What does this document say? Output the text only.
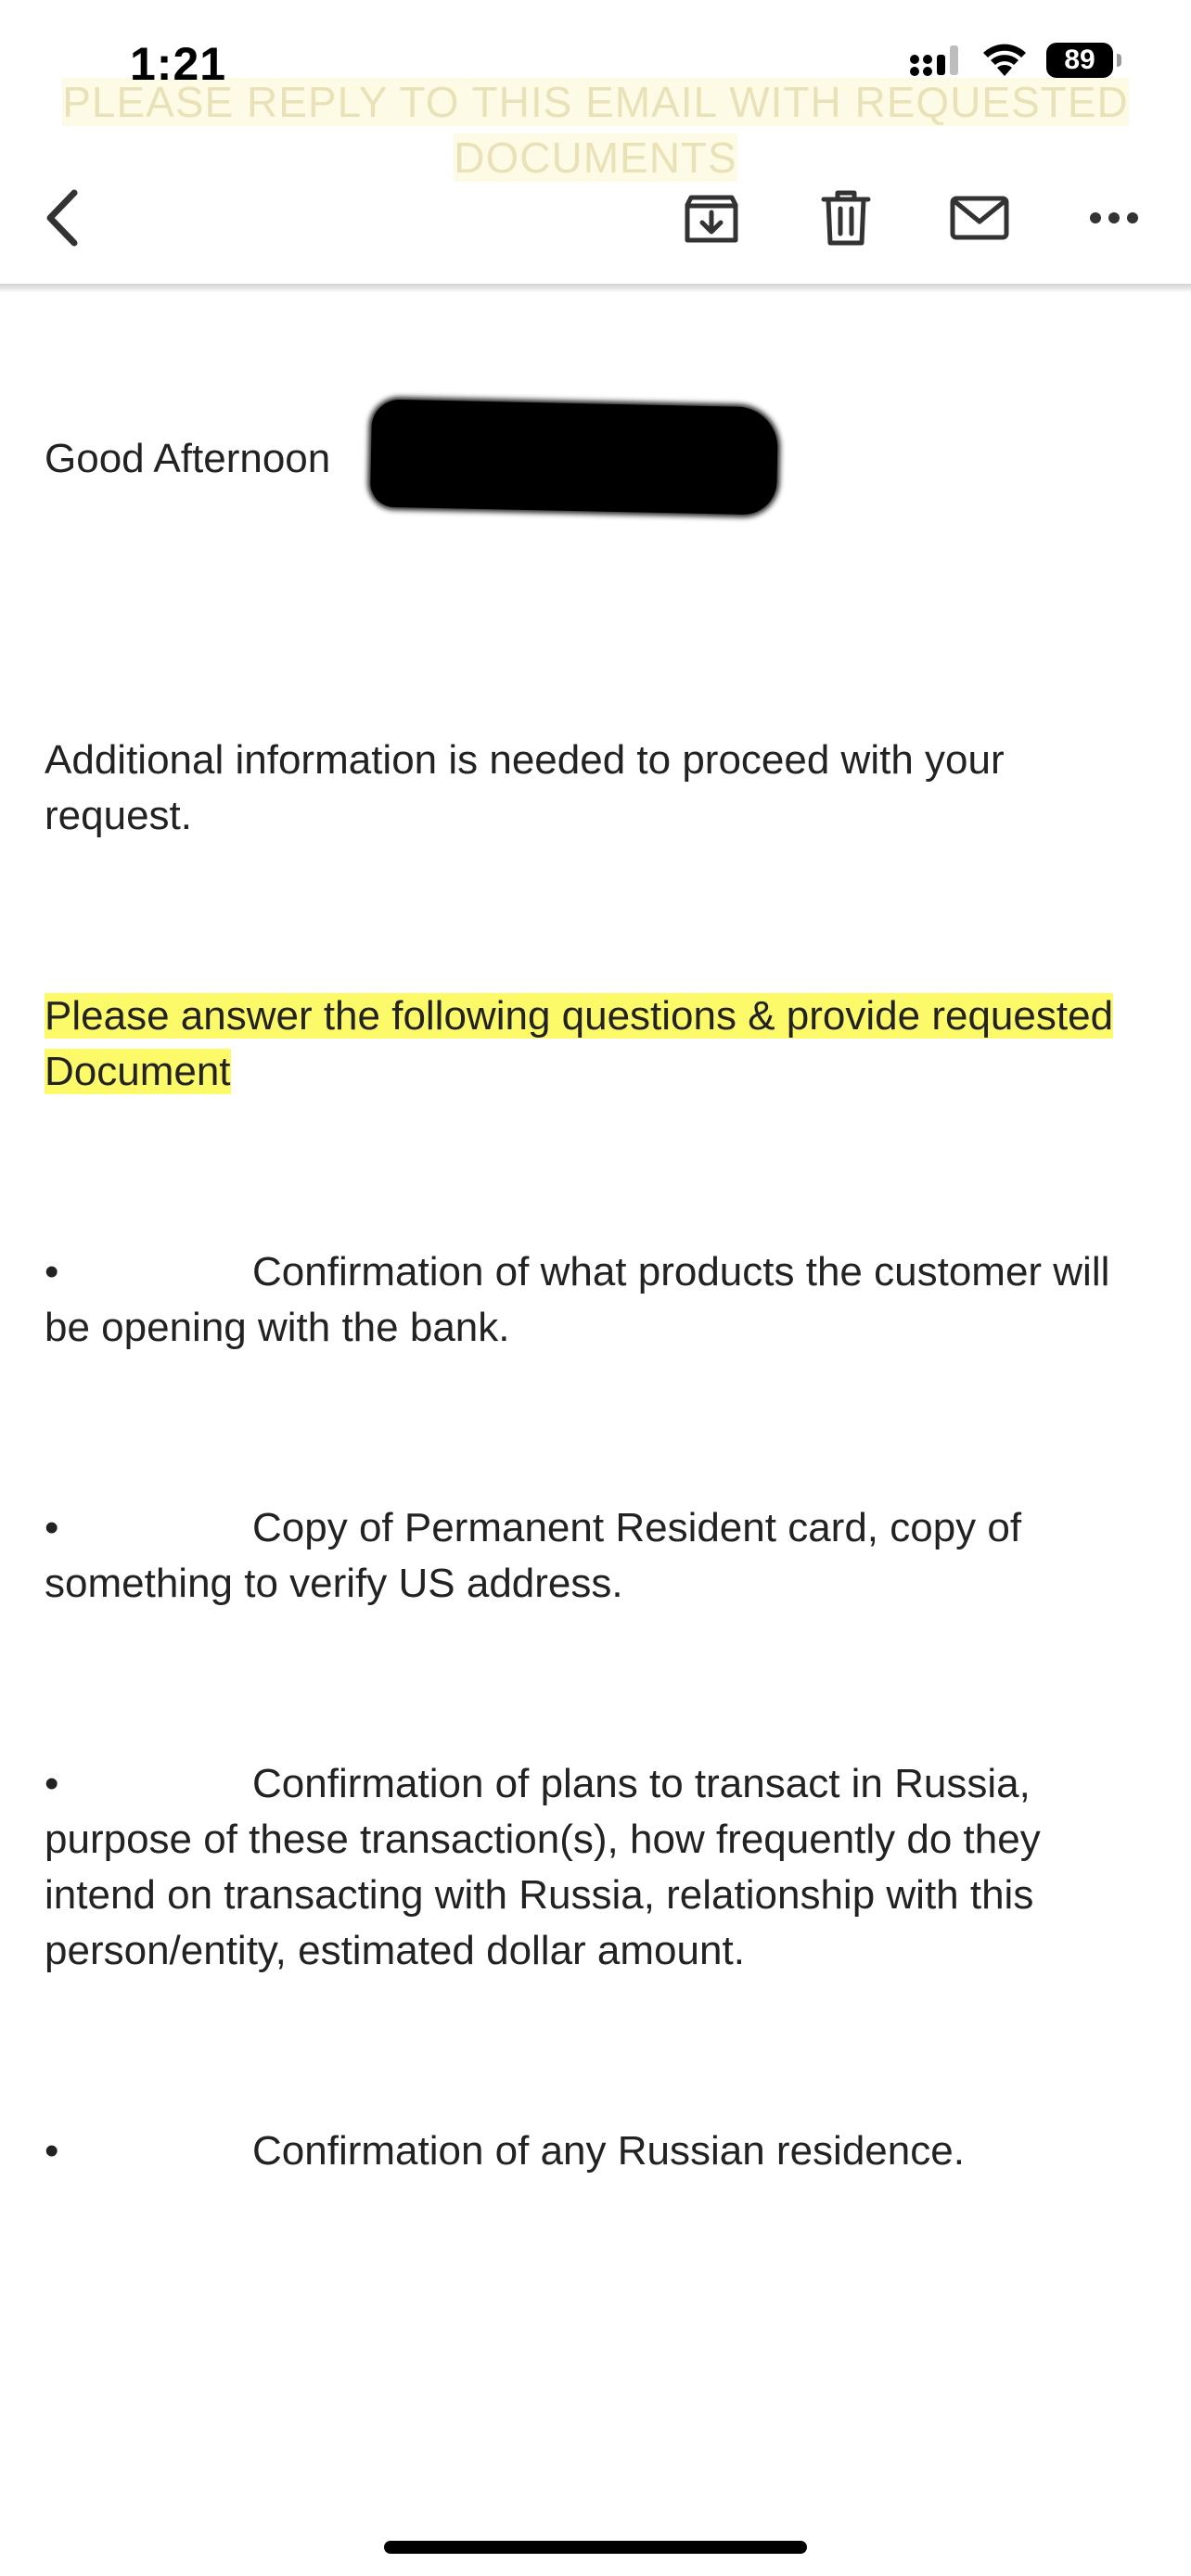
PLEASE REPLY TO THIS EMAIL WITH REQUESTED
DOCUMENTS
1:21	89

Good Afternoon

Additional information is needed to proceed with your request.

Please answer the following questions & provide requested Document

•	Confirmation of what products the customer will be opening with the bank.
•	Copy of Permanent Resident card, copy of something to verify US address.
•	Confirmation of plans to transact in Russia, purpose of these transaction(s), how frequently do they intend on transacting with Russia, relationship with this person/entity, estimated dollar amount.
•	Confirmation of any Russian residence.
